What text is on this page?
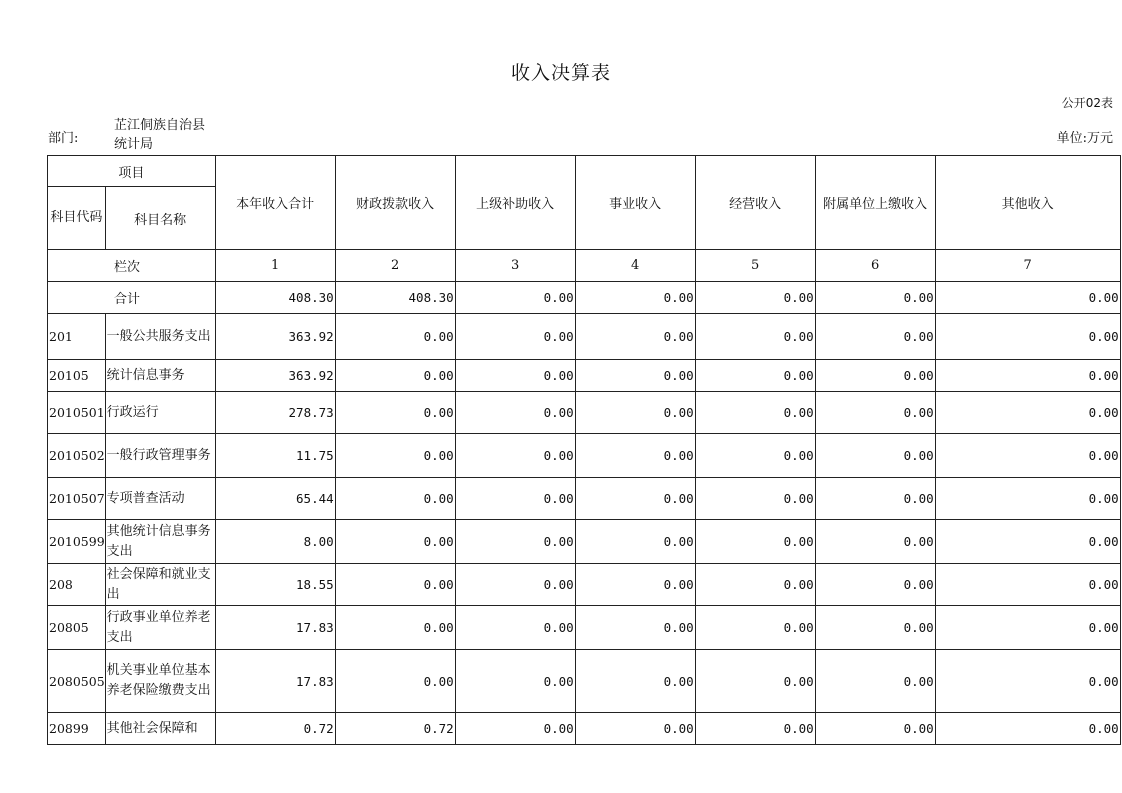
收入决算表
公开02表
部门:
芷江侗族自治县统计局	单位:万元
项目		本年收入合计	财政拨款收入	上级补助收入	事业收入	经营收入	附属单位上缴收入	其他收入
科目代码	科目名称							
栏次		1	2	3	4	5	6	7
合计		408.30	408.30	0.00	0.00	0.00	0.00	0.00
201	一般公共服务支出	363.92	0.00	0.00	0.00	0.00	0.00	0.00
20105	统计信息事务	363.92	0.00	0.00	0.00	0.00	0.00	0.00
2010501	行政运行	278.73	0.00	0.00	0.00	0.00	0.00	0.00
2010502	一般行政管理事务	11.75	0.00	0.00	0.00	0.00	0.00	0.00
2010507	专项普查活动	65.44	0.00	0.00	0.00	0.00	0.00	0.00
2010599	其他统计信息事务支出	8.00	0.00	0.00	0.00	0.00	0.00	0.00
208	社会保障和就业支出	18.55	0.00	0.00	0.00	0.00	0.00	0.00
20805	行政事业单位养老支出	17.83	0.00	0.00	0.00	0.00	0.00	0.00
2080505	机关事业单位基本养老保险缴费支出	17.83	0.00	0.00	0.00	0.00	0.00	0.00
20899	其他社会保障和	0.72	0.72	0.00	0.00	0.00	0.00	0.00
